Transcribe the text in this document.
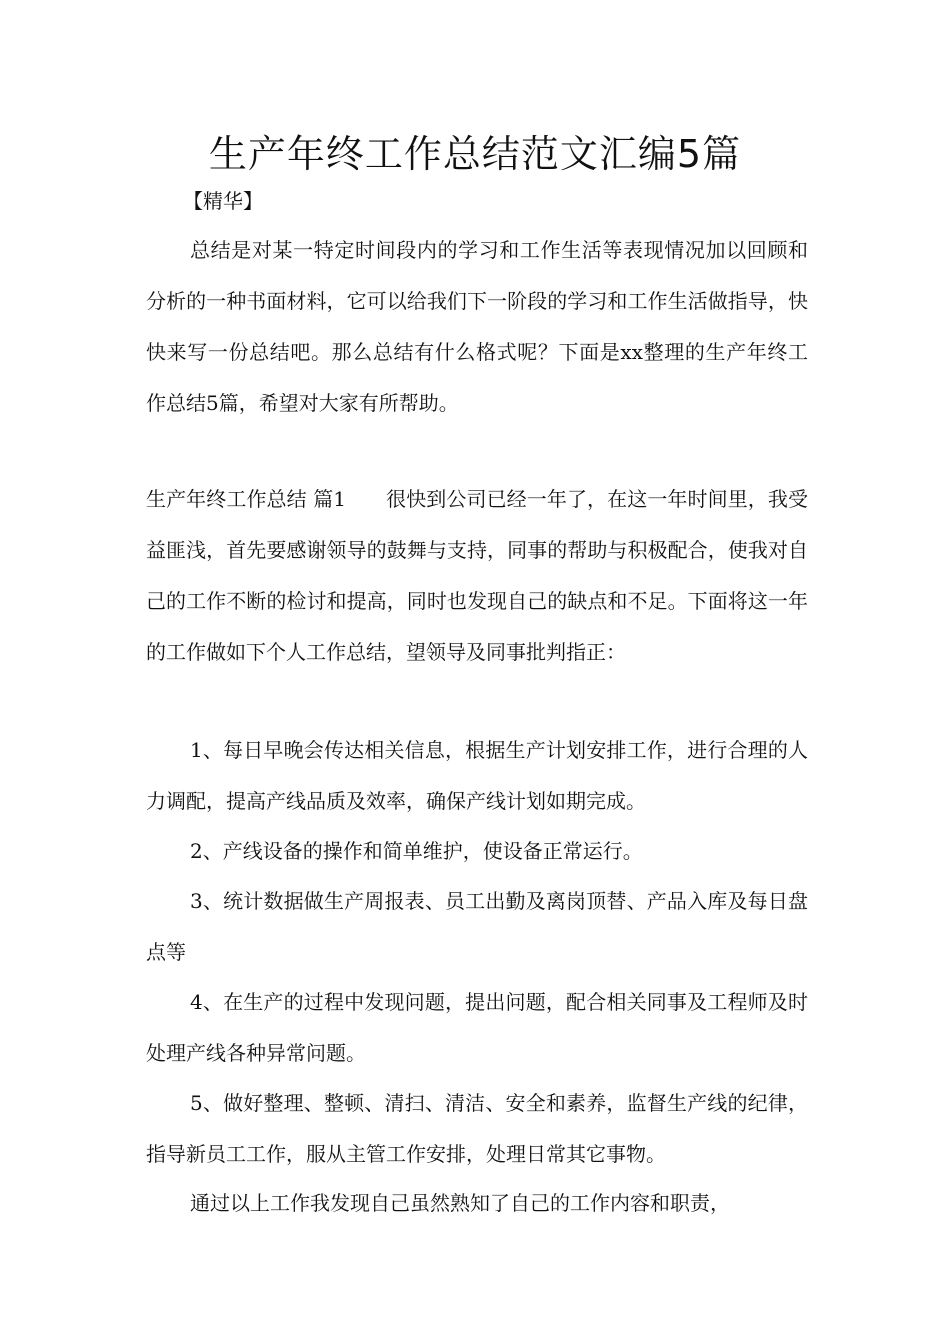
生产年终工作总结范文汇编5篇

【精华】

总结是对某一特定时间段内的学习和工作生活等表现情况加以回顾和分析的一种书面材料，它可以给我们下一阶段的学习和工作生活做指导，快快来写一份总结吧。那么总结有什么格式呢？下面是xx整理的生产年终工作总结5篇，希望对大家有所帮助。

生产年终工作总结 篇1 很快到公司已经一年了，在这一年时间里，我受益匪浅，首先要感谢领导的鼓舞与支持，同事的帮助与积极配合，使我对自己的工作不断的检讨和提高，同时也发现自己的缺点和不足。下面将这一年的工作做如下个人工作总结，望领导及同事批判指正：

1、每日早晚会传达相关信息，根据生产计划安排工作，进行合理的人力调配，提高产线品质及效率，确保产线计划如期完成。

2、产线设备的操作和简单维护，使设备正常运行。

3、统计数据做生产周报表、员工出勤及离岗顶替、产品入库及每日盘点等

4、在生产的过程中发现问题，提出问题，配合相关同事及工程师及时处理产线各种异常问题。

5、做好整理、整顿、清扫、清洁、安全和素养，监督生产线的纪律，指导新员工工作，服从主管工作安排，处理日常其它事物。

通过以上工作我发现自己虽然熟知了自己的工作内容和职责，
